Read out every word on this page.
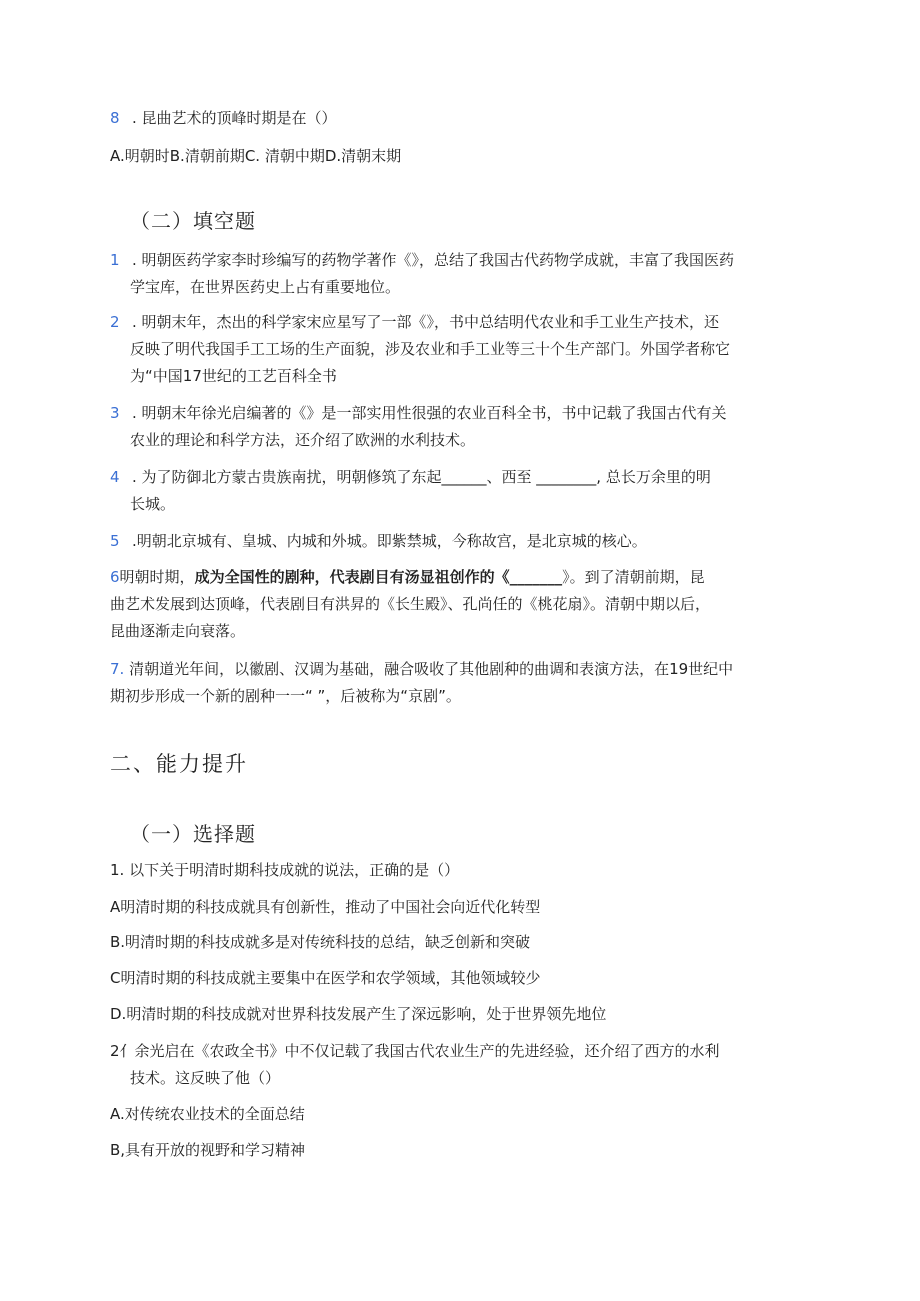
8 . 昆曲艺术的顶峰时期是在（）
A.明朝时B.清朝前期C. 清朝中期D.清朝末期
（二）填空题
1 . 明朝医药学家李时珍编写的药物学著作《》，总结了我国古代药物学成就，丰富了我国医药
学宝库，在世界医药史上占有重要地位。
2 . 明朝末年，杰出的科学家宋应星写了一部《》，书中总结明代农业和手工业生产技术，还
反映了明代我国手工工场的生产面貌，涉及农业和手工业等三十个生产部门。外国学者称它
为“中国17世纪的工艺百科全书
3 . 明朝末年徐光启编著的《》是一部实用性很强的农业百科全书，书中记载了我国古代有关
农业的理论和科学方法，还介绍了欧洲的水利技术。
4 . 为了防御北方蒙古贵族南扰，明朝修筑了东起______、西至 ________, 总长万余里的明
长城。
5 .明朝北京城有、皇城、内城和外城。即紫禁城，今称故宫，是北京城的核心。
6明朝时期，成为全国性的剧种，代表剧目有汤显祖创作的《_______》。到了清朝前期，昆
曲艺术发展到达顶峰，代表剧目有洪昇的《长生殿》、孔尚任的《桃花扇》。清朝中期以后，
昆曲逐渐走向衰落。
7. 清朝道光年间，以徽剧、汉调为基础，融合吸收了其他剧种的曲调和表演方法，在19世纪中
期初步形成一个新的剧种一一“ ”，后被称为“京剧”。
二、能力提升
（一）选择题
1. 以下关于明清时期科技成就的说法，正确的是（）
A明清时期的科技成就具有创新性，推动了中国社会向近代化转型
B.明清时期的科技成就多是对传统科技的总结，缺乏创新和突破
C明清时期的科技成就主要集中在医学和农学领域，其他领域较少
D.明清时期的科技成就对世界科技发展产生了深远影响，处于世界领先地位
2亻余光启在《农政全书》中不仅记载了我国古代农业生产的先进经验，还介绍了西方的水利
技术。这反映了他（）
A.对传统农业技术的全面总结
B,具有开放的视野和学习精神
